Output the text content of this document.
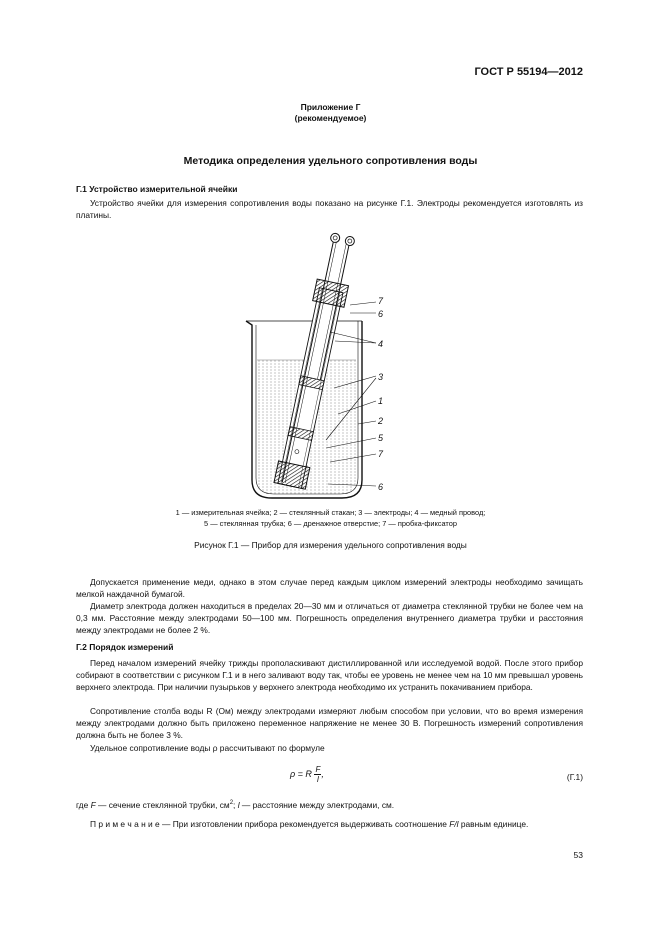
ГОСТ Р 55194—2012
Приложение Г
(рекомендуемое)
Методика определения удельного сопротивления воды
Г.1 Устройство измерительной ячейки
Устройство ячейки для измерения сопротивления воды показано на рисунке Г.1. Электроды рекомендуется изготовлять из платины.
7
6
4
3
1
2
5
7
6
1 — измерительная ячейка; 2 — стеклянный стакан; 3 — электроды; 4 — медный провод;
5 — стеклянная трубка; 6 — дренажное отверстие; 7 — пробка-фиксатор
Рисунок Г.1 — Прибор для измерения удельного сопротивления воды
Допускается применение меди, однако в этом случае перед каждым циклом измерений электроды необходимо зачищать мелкой наждачной бумагой.
Диаметр электрода должен находиться в пределах 20—30 мм и отличаться от диаметра стеклянной трубки не более чем на 0,3 мм. Расстояние между электродами 50—100 мм. Погрешность определения внутреннего диаметра трубки и расстояния между электродами не более 2 %.
Г.2 Порядок измерений
Перед началом измерений ячейку трижды прополаскивают дистиллированной или исследуемой водой. После этого прибор собирают в соответствии с рисунком Г.1 и в него заливают воду так, чтобы ее уровень не менее чем на 10 мм превышал уровень верхнего электрода. При наличии пузырьков у верхнего электрода необходимо их устранить покачиванием прибора.
Сопротивление столба воды R (Ом) между электродами измеряют любым способом при условии, что во время измерения между электродами должно быть приложено переменное напряжение не менее 30 В. Погрешность измерений сопротивления должна быть не более 3 %.
Удельное сопротивление воды ρ рассчитывают по формуле
ρ = R $\frac{F}{l}$ ,	(Г.1)
где F — сечение стеклянной трубки, $см^2$; l — расстояние между электродами, см.
П р и м е ч а н и е — При изготовлении прибора рекомендуется выдерживать соотношение F/l равным единице.
53
